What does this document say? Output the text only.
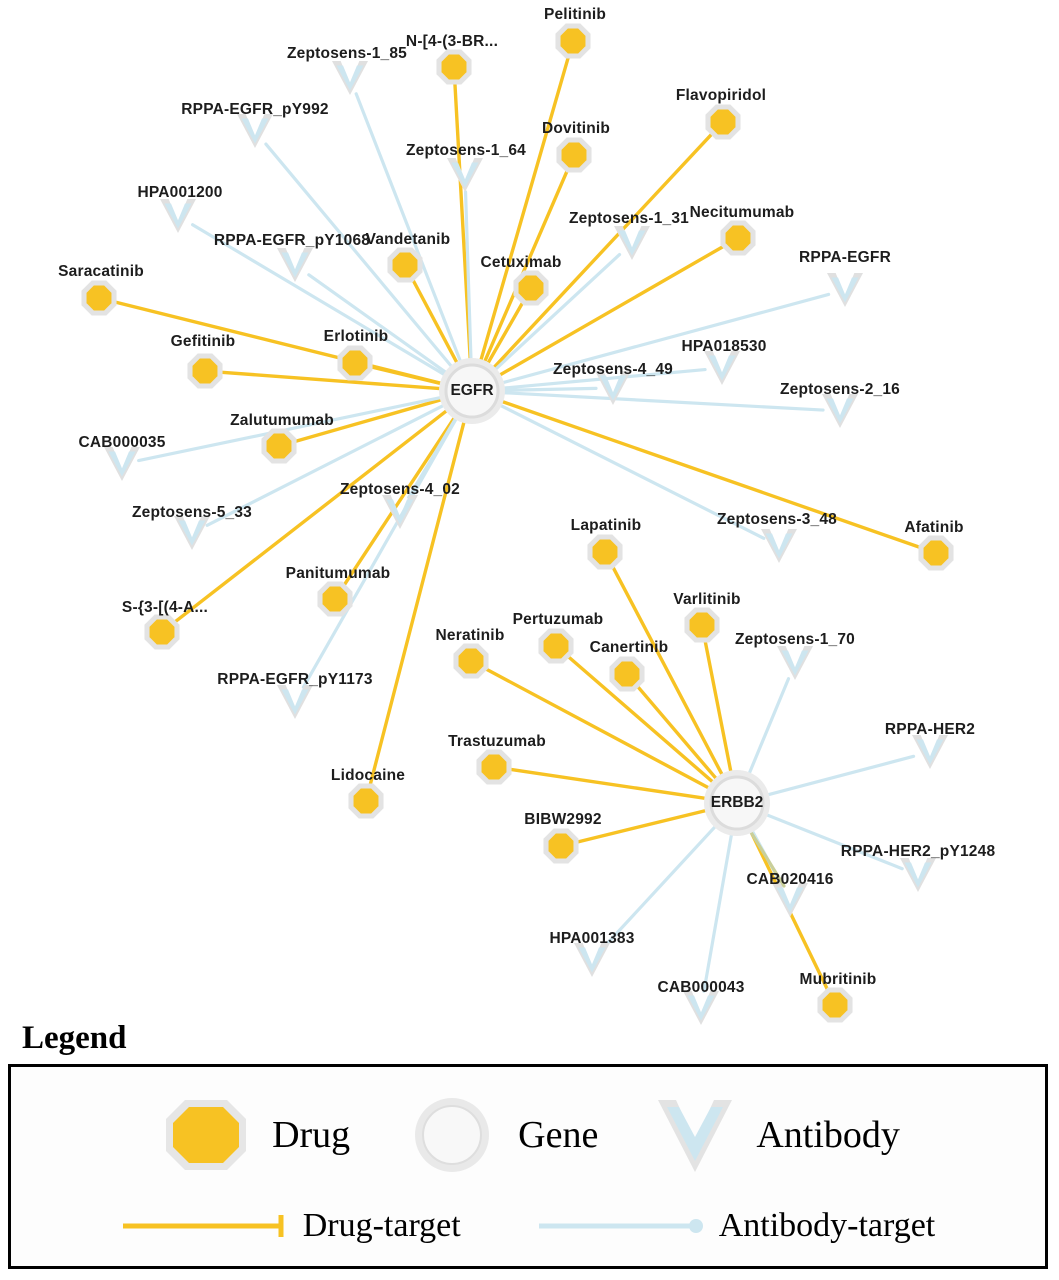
Pelitinib
N-[4-(3-BR...
Flavopiridol
Dovitinib
Necitumumab
Vandetanib
Cetuximab
Saracatinib
Erlotinib
Gefitinib
Zalutumumab
Afatinib
Lapatinib
Panitumumab
S-{3-[(4-A...	Varlitinib
Neratinib
Pertuzumab
Canertinib
Trastuzumab
Lidocaine
BIBW2992
Mubritinib
Zeptosens-1_85
RPPA-EGFR_pY992
Zeptosens-1_64
HPA001200
Zeptosens-1_31
RPPA-EGFR_pY1068
RPPA-EGFR
HPA018530
Zeptosens-4_49
Zeptosens-2_16
CAB000035
Zeptosens-4_02
Zeptosens-5_33	Zeptosens-3_48
RPPA-EGFR_pY1173
Zeptosens-1_70
RPPA-HER2
RPPA-HER2_pY1248
CAB020416
HPA001383
CAB000043
EGFR
ERBB2
Legend
Drug	Gene	Antibody
Drug-target	Antibody-target
